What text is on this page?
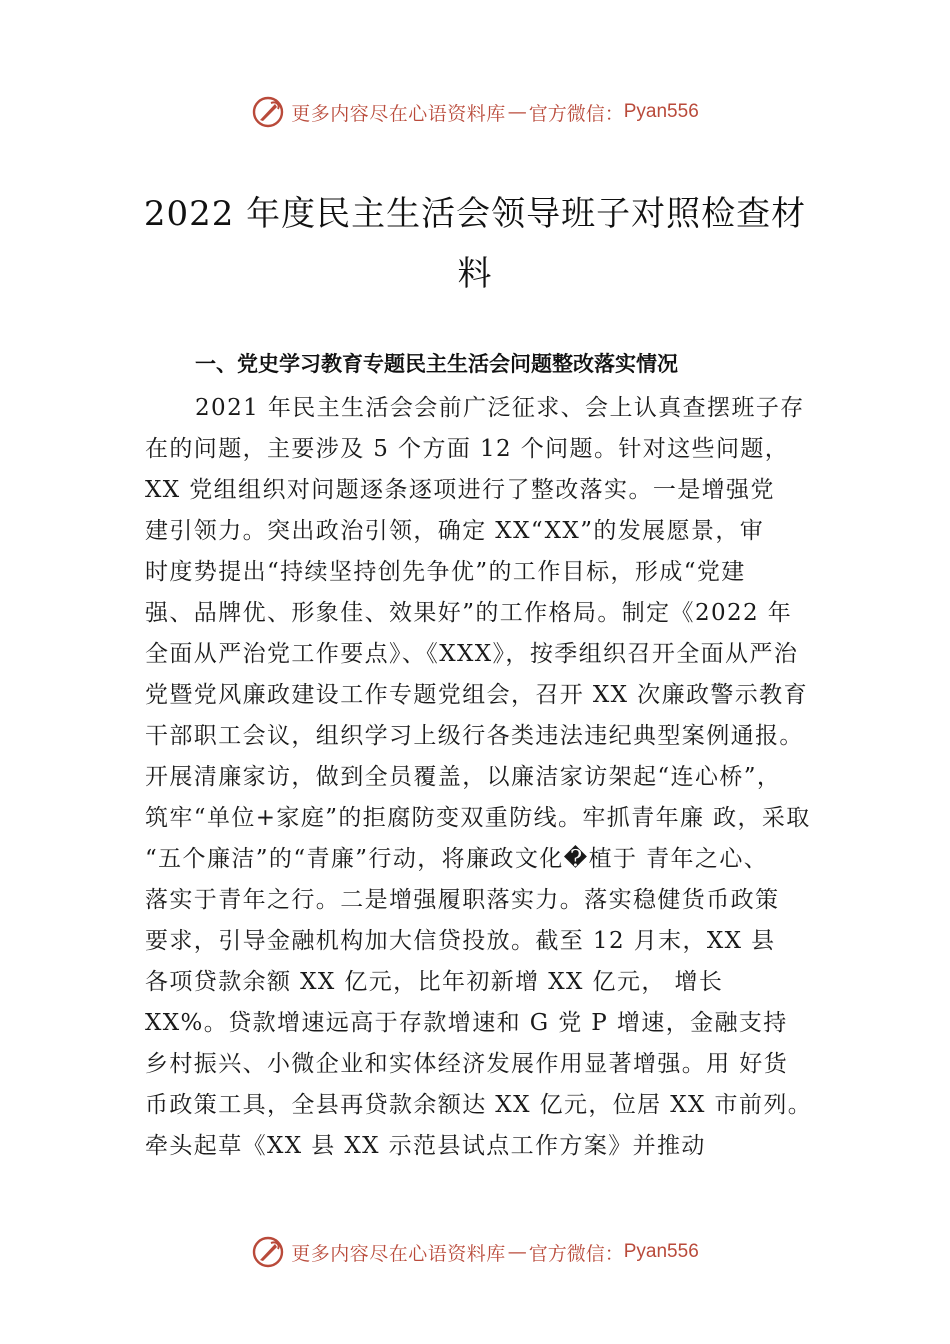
更多内容尽在心语资料库 — 官方微信： Pyan556
2022 年度民主生活会领导班子对照检查材
料
一、党史学习教育专题民主生活会问题整改落实情况
2021 年民主生活会会前广泛征求、会上认真查摆班子存
在的问题，主要涉及 5 个方面 12 个问题。针对这些问题，
XX 党组组织对问题逐条逐项进行了整改落实。一是增强党
建引领力。突出政治引领，确定 XX“XX”的发展愿景，审
时度势提出“持续坚持创先争优”的工作目标，形成“党建
强、品牌优、形象佳、效果好”的工作格局。制定《2022 年
全面从严治党工作要点》、《XXX》，按季组织召开全面从严治
党暨党风廉政建设工作专题党组会，召开 XX 次廉政警示教育
干部职工会议，组织学习上级行各类违法违纪典型案例通报。
开展清廉家访，做到全员覆盖，以廉洁家访架起“连心桥”，
筑牢“单位+家庭”的拒腐防变双重防线。牢抓青年廉 政，采取
“五个廉洁”的“青廉”行动，将廉政文化�植于 青年之心、
落实于青年之行。二是增强履职落实力。落实稳健货币政策
要求，引导金融机构加大信贷投放。截至 12 月末，XX 县
各项贷款余额 XX 亿元，比年初新增 XX 亿元， 增长
XX%。贷款增速远高于存款增速和 G 党 P 增速，金融支持
乡村振兴、小微企业和实体经济发展作用显著增强。用 好货
币政策工具，全县再贷款余额达 XX 亿元，位居 XX 市前列。
牵头起草《XX 县 XX 示范县试点工作方案》并推动
更多内容尽在心语资料库 — 官方微信： Pyan556
